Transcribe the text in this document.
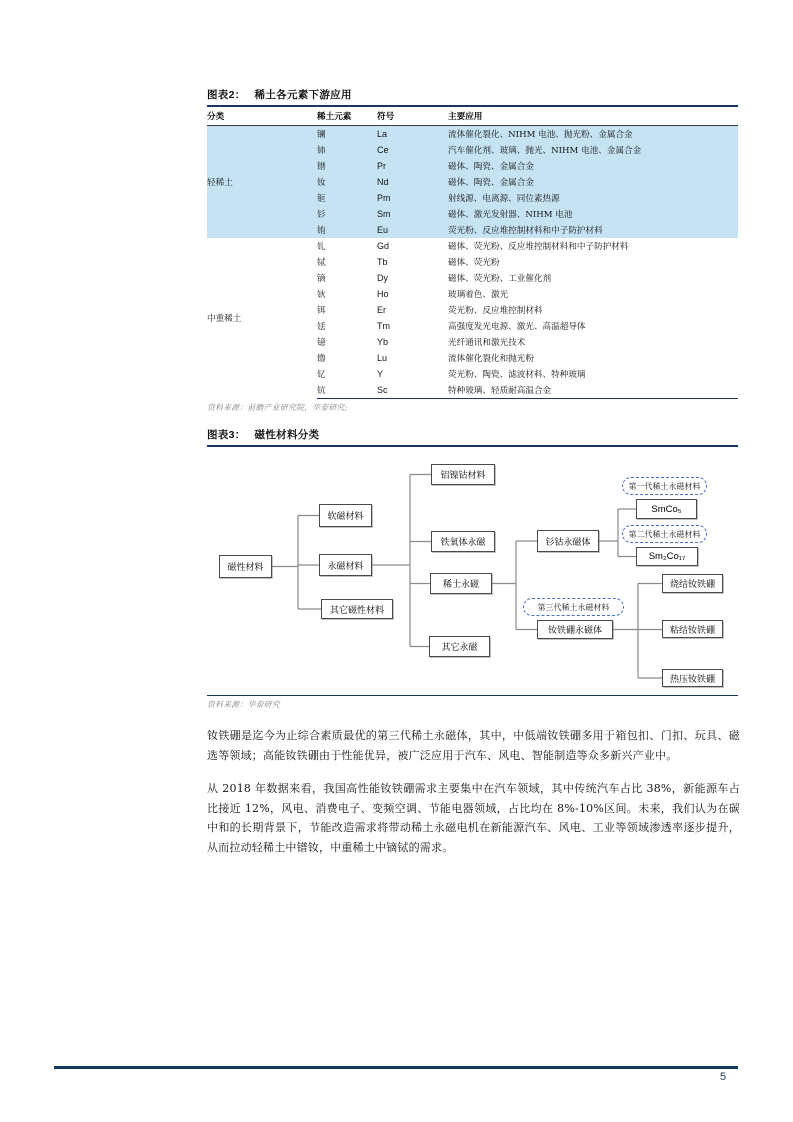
图表2： 稀土各元素下游应用
分类	稀土元素	符号	主要应用
轻稀土	镧	La	流体催化裂化、NIHM 电池、抛光粉、金属合金
	铈	Ce	汽车催化剂、玻璃、抛光、NIHM 电池、金属合金
	镨	Pr	磁体、陶瓷、金属合金
	钕	Nd	磁体、陶瓷、金属合金
	钷	Pm	射线源、电离源、同位素热源
	钐	Sm	磁体、激光发射器、NIHM 电池
	铕	Eu	荧光粉、反应堆控制材料和中子防护材料
中重稀土	钆	Gd	磁体、荧光粉、反应堆控制材料和中子防护材料
	铽	Tb	磁体、荧光粉
	镝	Dy	磁体、荧光粉、工业催化剂
	钬	Ho	玻璃着色、激光
	铒	Er	荧光粉、反应堆控制材料
	铥	Tm	高强度发光电源、激光、高温超导体
	镱	Yb	光纤通讯和激光技术
	镥	Lu	流体催化裂化和抛光粉
	钇	Y	荧光粉、陶瓷、滤波材料、特种玻璃
	钪	Sc	特种玻璃、轻质耐高温合金
资料来源：前瞻产业研究院，华泰研究;
图表3： 磁性材料分类
磁性材料
软磁材料
永磁材料
其它磁性材料
铝镍钴材料
铁氧体永磁
稀土永磁
其它永磁
钐钴永磁体
第一代稀土永磁材料
SmCo₅
第二代稀土永磁材料
Sm₂Co₁₇
第三代稀土永磁材料
钕铁硼永磁体
烧结钕铁硼
粘结钕铁硼
热压钕铁硼
资料来源：华泰研究

钕铁硼是迄今为止综合素质最优的第三代稀土永磁体，其中，中低端钕铁硼多用于箱包扣、门扣、玩具、磁选等领域；高能钕铁硼由于性能优异，被广泛应用于汽车、风电、智能制造等众多新兴产业中。

从 2018 年数据来看，我国高性能钕铁硼需求主要集中在汽车领域，其中传统汽车占比 38%，新能源车占比接近 12%，风电、消费电子、变频空调、节能电器领域，占比均在 8%-10%区间。未来，我们认为在碳中和的长期背景下，节能改造需求将带动稀土永磁电机在新能源汽车、风电、工业等领域渗透率逐步提升，从而拉动轻稀土中镨钕，中重稀土中镝铽的需求。

5
